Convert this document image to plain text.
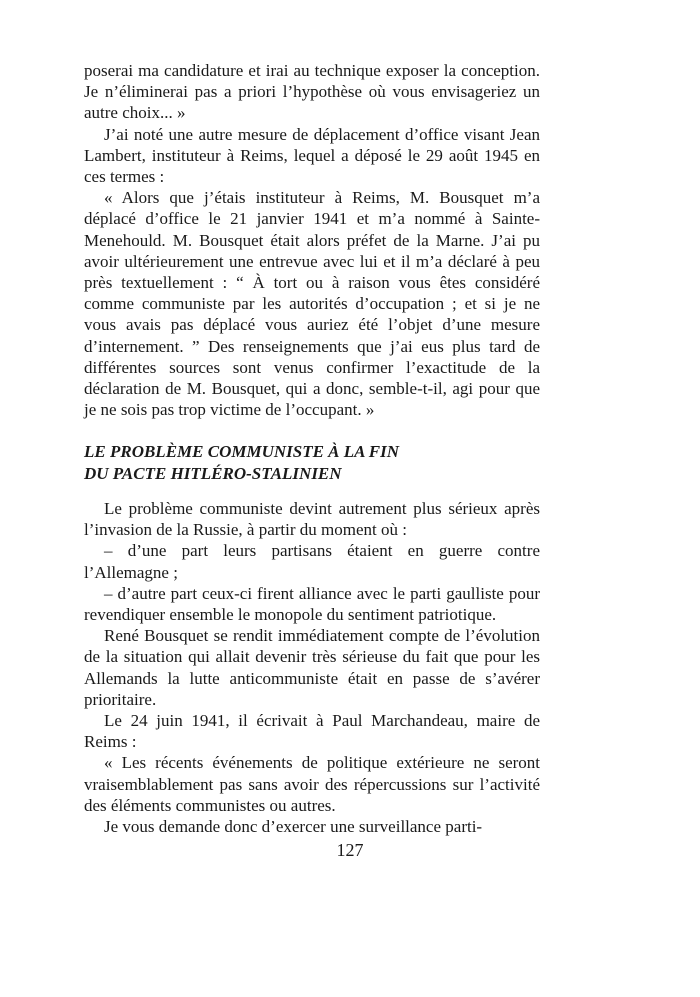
poserai ma candidature et irai au technique exposer la conception. Je n’éliminerai pas a priori l’hypothèse où vous envisageriez un autre choix... »

J’ai noté une autre mesure de déplacement d’office visant Jean Lambert, instituteur à Reims, lequel a déposé le 29 août 1945 en ces termes :

« Alors que j’étais instituteur à Reims, M. Bousquet m’a déplacé d’office le 21 janvier 1941 et m’a nommé à Sainte-Menehould. M. Bousquet était alors préfet de la Marne. J’ai pu avoir ultérieurement une entrevue avec lui et il m’a déclaré à peu près textuellement : “ À tort ou à raison vous êtes considéré comme communiste par les autorités d’occupation ; et si je ne vous avais pas déplacé vous auriez été l’objet d’une mesure d’internement. ” Des renseignements que j’ai eus plus tard de différentes sources sont venus confirmer l’exactitude de la déclaration de M. Bousquet, qui a donc, semble-t-il, agi pour que je ne sois pas trop victime de l’occupant. »

LE PROBLÈME COMMUNISTE À LA FIN
DU PACTE HITLÉRO-STALINIEN

Le problème communiste devint autrement plus sérieux après l’invasion de la Russie, à partir du moment où :

– d’une part leurs partisans étaient en guerre contre l’Allemagne ;

– d’autre part ceux-ci firent alliance avec le parti gaulliste pour revendiquer ensemble le monopole du sentiment patriotique.

René Bousquet se rendit immédiatement compte de l’évolution de la situation qui allait devenir très sérieuse du fait que pour les Allemands la lutte anticommuniste était en passe de s’avérer prioritaire.

Le 24 juin 1941, il écrivait à Paul Marchandeau, maire de Reims :

« Les récents événements de politique extérieure ne seront vraisemblablement pas sans avoir des répercussions sur l’activité des éléments communistes ou autres.

Je vous demande donc d’exercer une surveillance parti-

127
